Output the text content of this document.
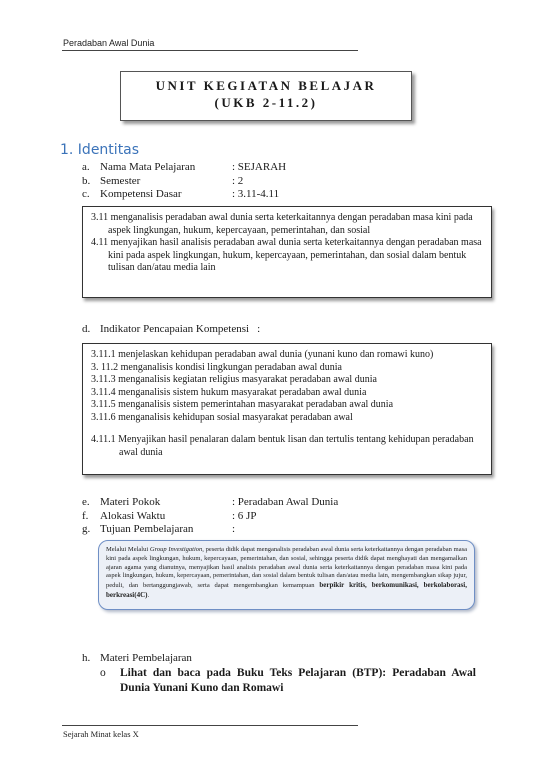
Peradaban Awal Dunia
UNIT KEGIATAN BELAJAR
(UKB 2-11.2)
1. Identitas
a. Nama Mata Pelajaran	: SEJARAH
b. Semester	: 2
c. Kompetensi Dasar	: 3.11-4.11
3.11 menganalisis peradaban awal dunia serta keterkaitannya dengan peradaban masa kini pada aspek lingkungan, hukum, kepercayaan, pemerintahan, dan sosial
4.11 menyajikan hasil analisis peradaban awal dunia serta keterkaitannya dengan peradaban masa kini pada aspek lingkungan, hukum, kepercayaan, pemerintahan, dan sosial dalam bentuk tulisan dan/atau media lain
d. Indikator Pencapaian Kompetensi :
3.11.1 menjelaskan kehidupan peradaban awal dunia (yunani kuno dan romawi kuno)
3. 11.2 menganalisis kondisi lingkungan peradaban awal dunia
3.11.3 menganalisis kegiatan religius masyarakat peradaban awal dunia
3.11.4 menganalisis sistem hukum masyarakat peradaban awal dunia
3.11.5 menganalisis sistem pemerintahan masyarakat peradaban awal dunia
3.11.6 menganalisis kehidupan sosial masyarakat peradaban awal
4.11.1 Menyajikan hasil penalaran dalam bentuk lisan dan tertulis tentang kehidupan peradaban awal dunia
e. Materi Pokok	: Peradaban Awal Dunia
f.	Alokasi Waktu	: 6 JP
g. Tujuan Pembelajaran	:
Melalui Melalui Group Investigation, peserta didik dapat menganalisis peradaban awal dunia serta keterkaitannya dengan peradaban masa kini pada aspek lingkungan, hukum, kepercayaan, pemerintahan, dan sosial, sehingga peserta didik dapat menghayati dan mengamalkan ajaran agama yang dianutnya, menyajikan hasil analisis peradaban awal dunia serta keterkaitannya dengan peradaban masa kini pada aspek lingkungan, hukum, kepercayaan, pemerintahan, dan sosial dalam bentuk tulisan dan/atau media lain, mengembangkan sikap jujur, peduli, dan bertanggungjawab, serta dapat mengembangkan kemampuan berpikir kritis, berkomunikasi, berkolaborasi, berkreasi(4C).
h. Materi Pembelajaran
o	Lihat dan baca pada Buku Teks Pelajaran (BTP): Peradaban Awal Dunia Yunani Kuno dan Romawi
Sejarah Minat kelas X
